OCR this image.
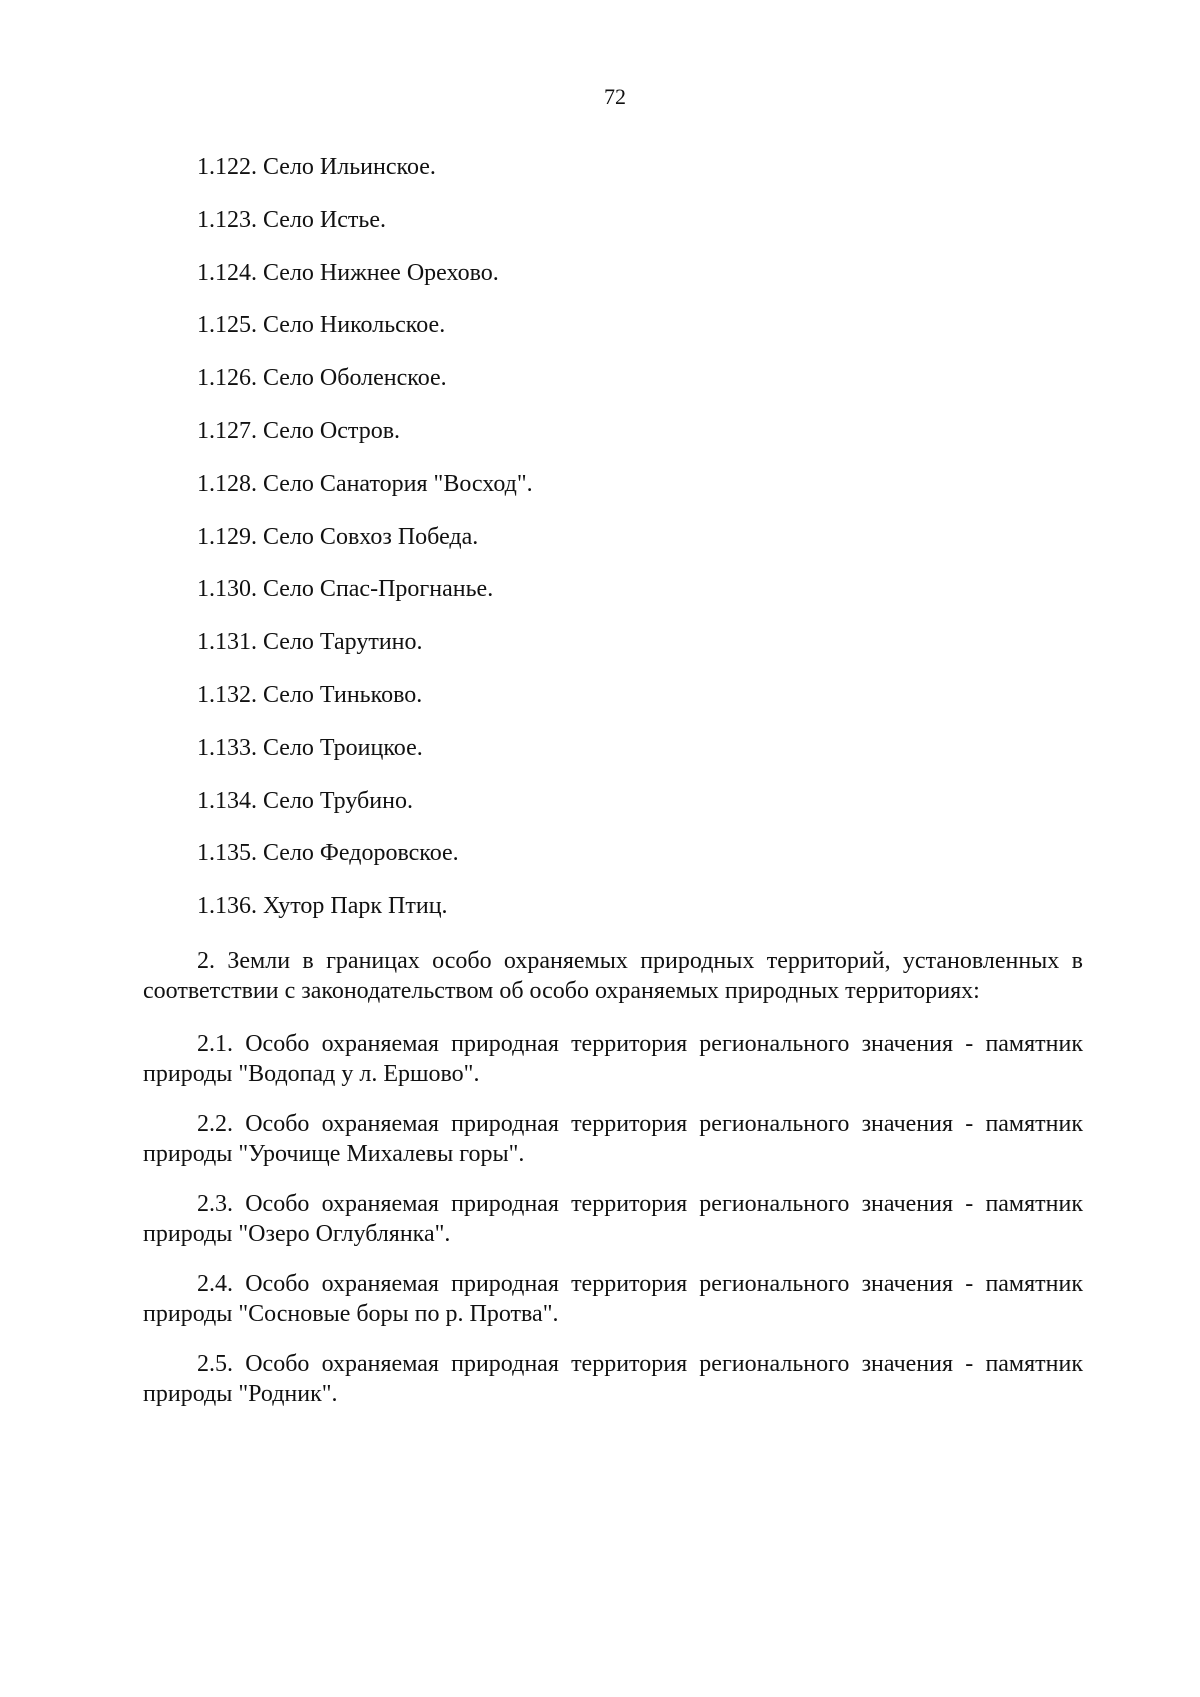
72
1.122. Село Ильинское.
1.123. Село Истье.
1.124. Село Нижнее Орехово.
1.125. Село Никольское.
1.126. Село Оболенское.
1.127. Село Остров.
1.128. Село Санатория "Восход".
1.129. Село Совхоз Победа.
1.130. Село Спас-Прогнанье.
1.131. Село Тарутино.
1.132. Село Тиньково.
1.133. Село Троицкое.
1.134. Село Трубино.
1.135. Село Федоровское.
1.136. Хутор Парк Птиц.

2. Земли в границах особо охраняемых природных территорий, установленных в соответствии с законодательством об особо охраняемых природных территориях:

2.1. Особо охраняемая природная территория регионального значения - памятник природы "Водопад у л. Ершово".

2.2. Особо охраняемая природная территория регионального значения - памятник природы "Урочище Михалевы горы".

2.3. Особо охраняемая природная территория регионального значения - памятник природы "Озеро Оглублянка".

2.4. Особо охраняемая природная территория регионального значения - памятник природы "Сосновые боры по р. Протва".

2.5. Особо охраняемая природная территория регионального значения - памятник природы "Родник".
